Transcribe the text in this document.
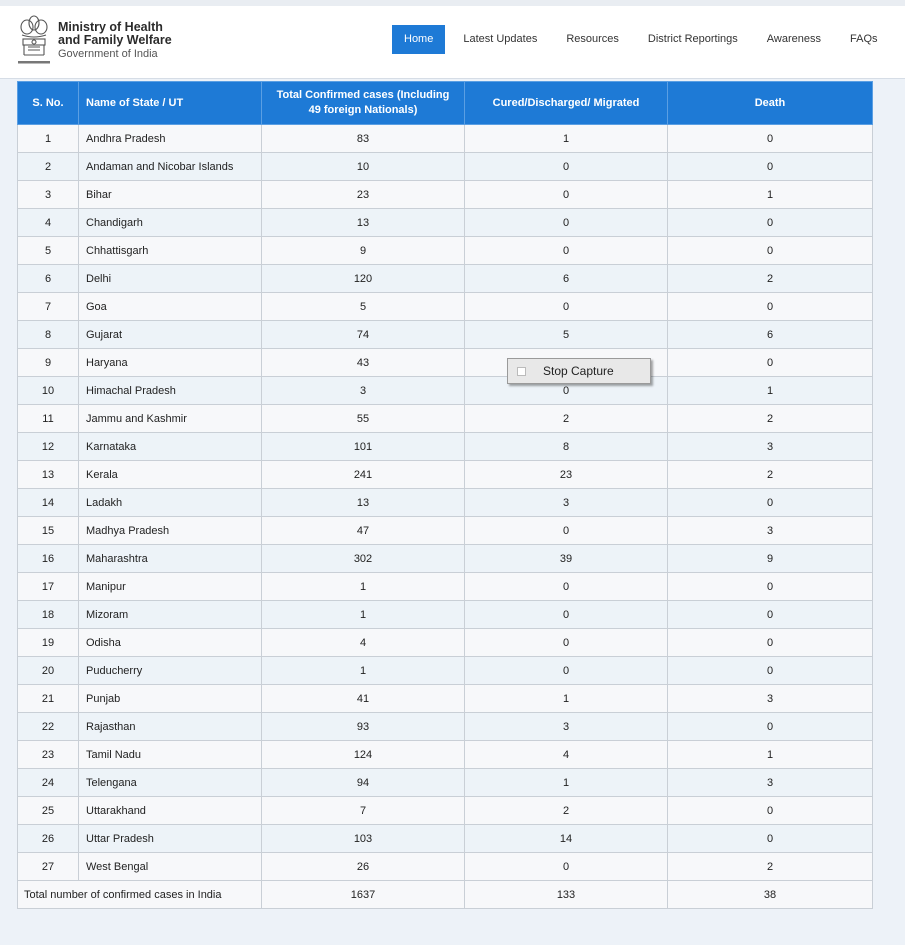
Ministry of Health
and Family Welfare
Government of India
Home	Latest Updates	Resources	District Reportings	Awareness	FAQs
S. No.	Name of State / UT	Total Confirmed cases (Including 49 foreign Nationals)	Cured/Discharged/ Migrated	Death
1	Andhra Pradesh	83	1	0
2	Andaman and Nicobar Islands	10	0	0
3	Bihar	23	0	1
4	Chandigarh	13	0	0
5	Chhattisgarh	9	0	0
6	Delhi	120	6	2
7	Goa	5	0	0
8	Gujarat	74	5	6
9	Haryana	43		0
10	Himachal Pradesh	3	0	1
11	Jammu and Kashmir	55	2	2
12	Karnataka	101	8	3
13	Kerala	241	23	2
14	Ladakh	13	3	0
15	Madhya Pradesh	47	0	3
16	Maharashtra	302	39	9
17	Manipur	1	0	0
18	Mizoram	1	0	0
19	Odisha	4	0	0
20	Puducherry	1	0	0
21	Punjab	41	1	3
22	Rajasthan	93	3	0
23	Tamil Nadu	124	4	1
24	Telengana	94	1	3
25	Uttarakhand	7	2	0
26	Uttar Pradesh	103	14	0
27	West Bengal	26	0	2
Total number of confirmed cases in India		1637	133	38
Stop Capture
